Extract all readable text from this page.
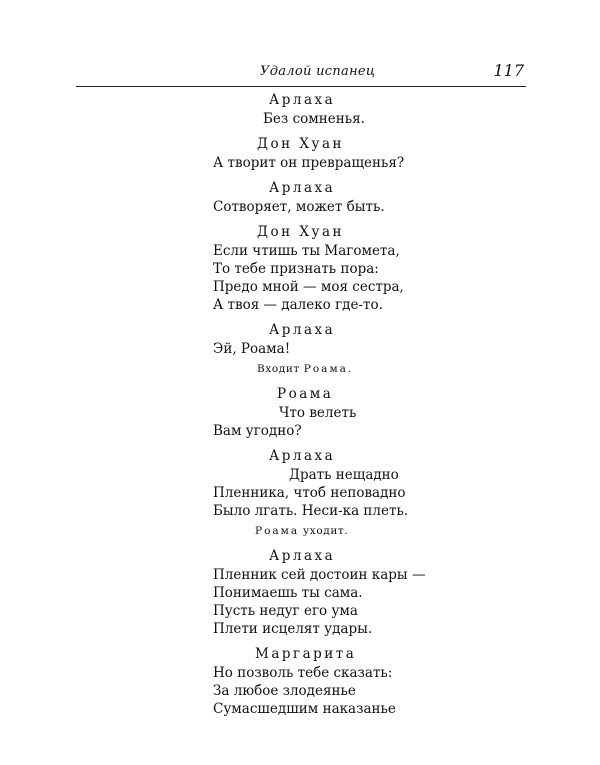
Удалой испанец	117
Арлаха
Без сомненья.
Дон Хуан
А творит он превращенья?
Арлаха
Сотворяет, может быть.
Дон Хуан
Если чтишь ты Магомета,
То тебе признать пора:
Предо мной — моя сестра,
А твоя — далеко где-то.
Арлаха
Эй, Роама!
Входит Роама.
Роама
Что велеть
Вам угодно?
Арлаха
Драть нещадно
Пленника, чтоб неповадно
Было лгать. Неси-ка плеть.
Роама уходит.
Арлаха
Пленник сей достоин кары —
Понимаешь ты сама.
Пусть недуг его ума
Плети исцелят удары.
Маргарита
Но позволь тебе сказать:
За любое злодеянье
Сумасшедшим наказанье
